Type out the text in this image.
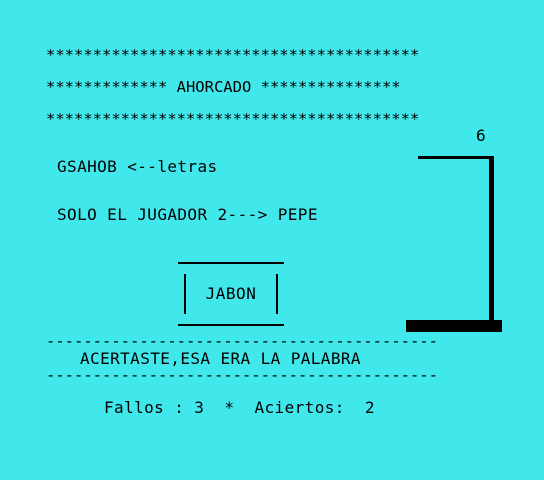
****************************************
************* AHORCADO ***************
****************************************
6
GSAHOB <--letras
SOLO EL JUGADOR 2---> PEPE
JABON
------------------------------------------
ACERTASTE,ESA ERA LA PALABRA
------------------------------------------
Fallos : 3  *  Aciertos:  2
